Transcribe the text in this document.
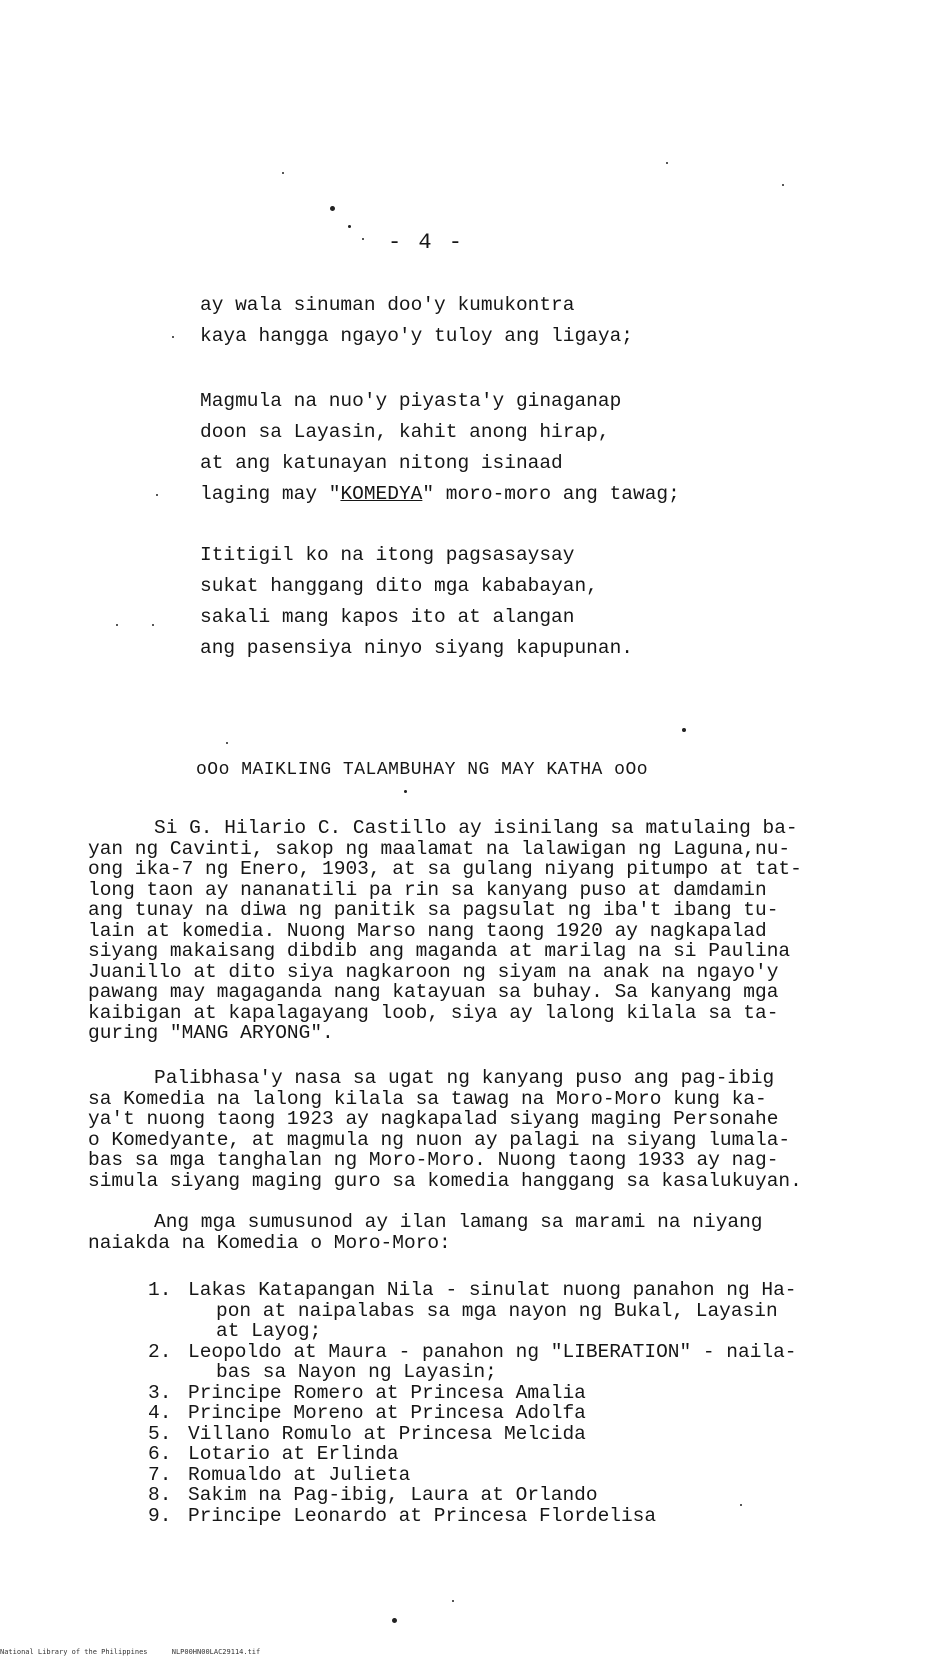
- 4 -
ay wala sinuman doo'y kumukontra
kaya hangga ngayo'y tuloy ang ligaya;
Magmula na nuo'y piyasta'y ginaganap
doon sa Layasin, kahit anong hirap,
at ang katunayan nitong isinaad
laging may "KOMEDYA" moro-moro ang tawag;
Ititigil ko na itong pagsasaysay
sukat hanggang dito mga kababayan,
sakali mang kapos ito at alangan
ang pasensiya ninyo siyang kapupunan.
oOo MAIKLING TALAMBUHAY NG MAY KATHA oOo
Si G. Hilario C. Castillo ay isinilang sa matulaing ba-
yan ng Cavinti, sakop ng maalamat na lalawigan ng Laguna,nu-
ong ika-7 ng Enero, 1903, at sa gulang niyang pitumpo at tat-
long taon ay nananatili pa rin sa kanyang puso at damdamin
ang tunay na diwa ng panitik sa pagsulat ng iba't ibang tu-
lain at komedia. Nuong Marso nang taong 1920 ay nagkapalad
siyang makaisang dibdib ang maganda at marilag na si Paulina
Juanillo at dito siya nagkaroon ng siyam na anak na ngayo'y
pawang may magaganda nang katayuan sa buhay. Sa kanyang mga
kaibigan at kapalagayang loob, siya ay lalong kilala sa ta-
guring "MANG ARYONG".
Palibhasa'y nasa sa ugat ng kanyang puso ang pag-ibig
sa Komedia na lalong kilala sa tawag na Moro-Moro kung ka-
ya't nuong taong 1923 ay nagkapalad siyang maging Personahe
o Komedyante, at magmula ng nuon ay palagi na siyang lumala-
bas sa mga tanghalan ng Moro-Moro. Nuong taong 1933 ay nag-
simula siyang maging guro sa komedia hanggang sa kasalukuyan.
Ang mga sumusunod ay ilan lamang sa marami na niyang
naiakda na Komedia o Moro-Moro:
1. Lakas Katapangan Nila - sinulat nuong panahon ng Ha-
pon at naipalabas sa mga nayon ng Bukal, Layasin
at Layog;
2. Leopoldo at Maura - panahon ng "LIBERATION" - naila-
bas sa Nayon ng Layasin;
3. Principe Romero at Princesa Amalia
4. Principe Moreno at Princesa Adolfa
5. Villano Romulo at Princesa Melcida
6. Lotario at Erlinda
7. Romualdo at Julieta
8. Sakim na Pag-ibig, Laura at Orlando
9. Principe Leonardo at Princesa Flordelisa
National Library of the Philippines	NLP00HN00LAC29114.tif
